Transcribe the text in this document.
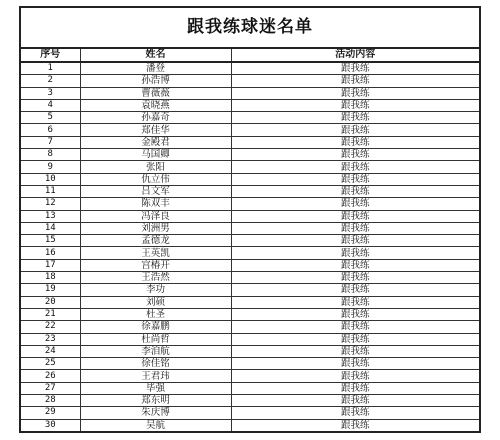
跟我练球迷名单
序号	姓名	活动内容
1	潘登	跟我练
2	孙浩博	跟我练
3	曹薇薇	跟我练
4	袁晓燕	跟我练
5	孙嘉奇	跟我练
6	郑佳华	跟我练
7	金殿君	跟我练
8	马国卿	跟我练
9	张阳	跟我练
10	仇立伟	跟我练
11	吕文军	跟我练
12	陈双丰	跟我练
13	冯泽良	跟我练
14	刘洲男	跟我练
15	孟德龙	跟我练
16	王英凯	跟我练
17	宫椿开	跟我练
18	王浩然	跟我练
19	李功	跟我练
20	刘硕	跟我练
21	杜圣	跟我练
22	徐嘉鹏	跟我练
23	杜尚哲	跟我练
24	李洎航	跟我练
25	徐佳铭	跟我练
26	王君玮	跟我练
27	毕强	跟我练
28	郑东明	跟我练
29	朱庆博	跟我练
30	吴航	跟我练
